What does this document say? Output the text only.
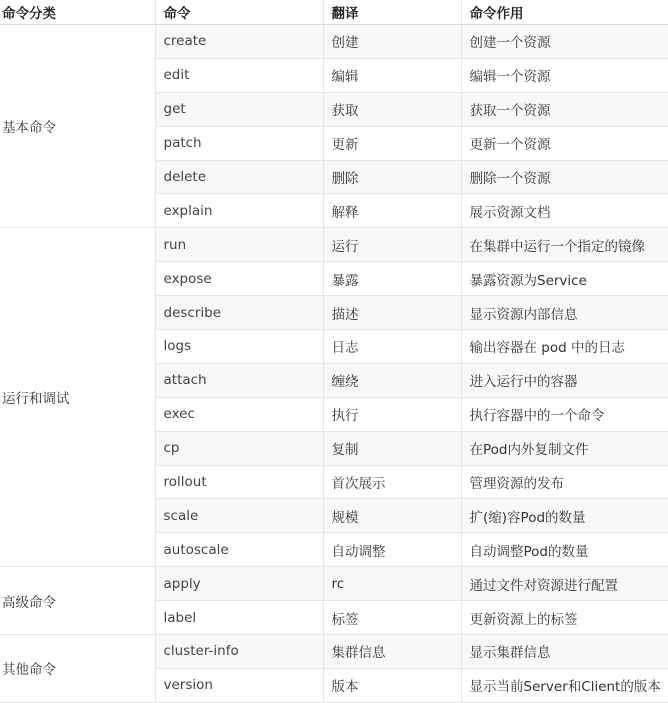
命令分类	命令	翻译	命令作用
基本命令	create	创建	创建一个资源
	edit	编辑	编辑一个资源
	get	获取	获取一个资源
	patch	更新	更新一个资源
	delete	删除	删除一个资源
	explain	解释	展示资源文档
运行和调试	run	运行	在集群中运行一个指定的镜像
	expose	暴露	暴露资源为Service
	describe	描述	显示资源内部信息
	logs	日志	输出容器在 pod 中的日志
	attach	缠绕	进入运行中的容器
	exec	执行	执行容器中的一个命令
	cp	复制	在Pod内外复制文件
	rollout	首次展示	管理资源的发布
	scale	规模	扩(缩)容Pod的数量
	autoscale	自动调整	自动调整Pod的数量
高级命令	apply	rc	通过文件对资源进行配置
	label	标签	更新资源上的标签
其他命令	cluster-info	集群信息	显示集群信息
	version	版本	显示当前Server和Client的版本
